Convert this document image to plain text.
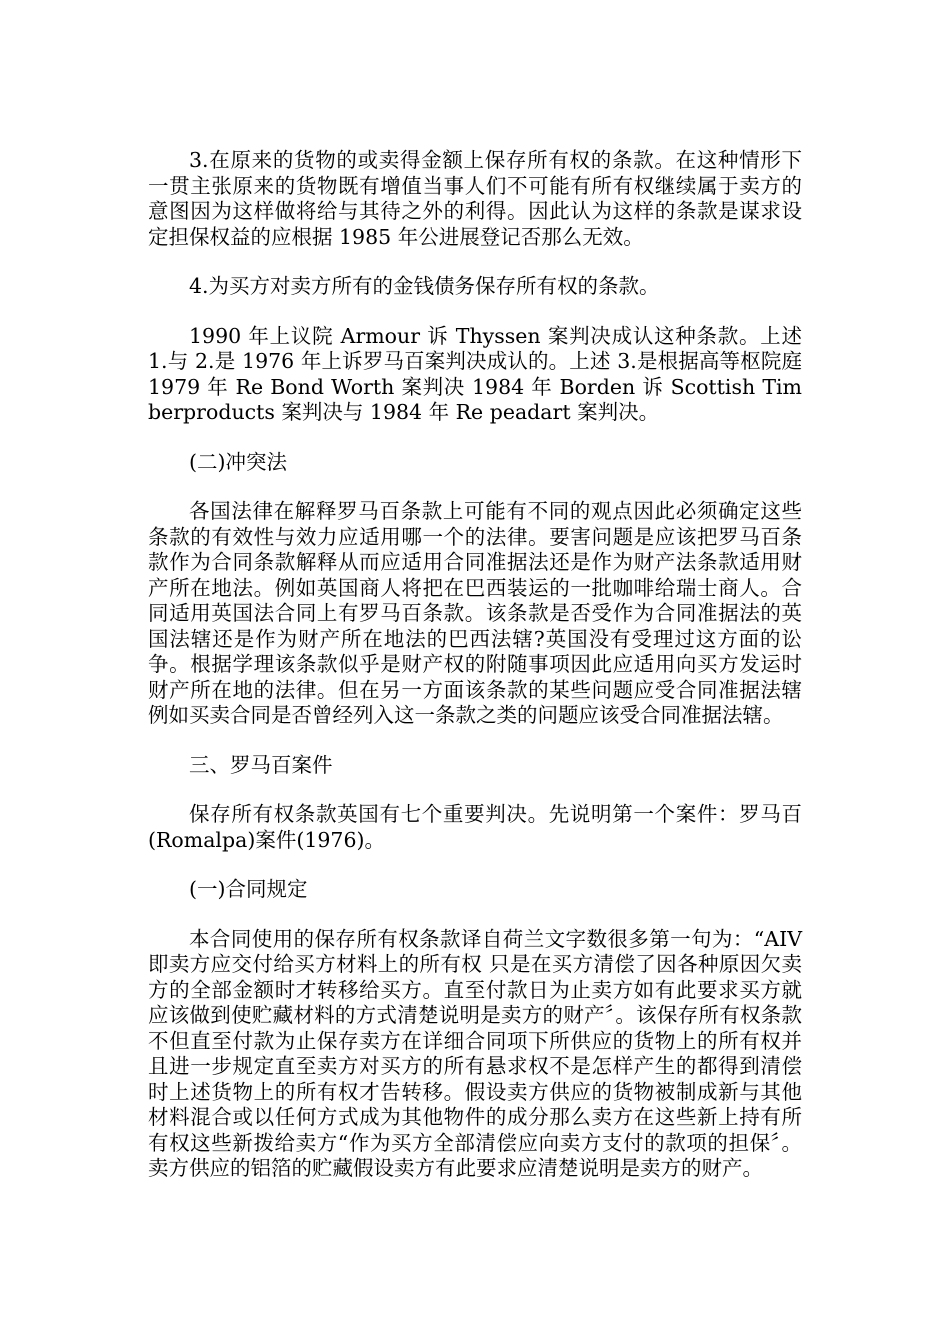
3.在原来的货物的或卖得金额上保存所有权的条款。在这种情形下一贯主张原来的货物既有增值当事人们不可能有所有权继续属于卖方的意图因为这样做将给与其待之外的利得。因此认为这样的条款是谋求设定担保权益的应根据 1985 年公进展登记否那么无效。

4.为买方对卖方所有的金钱债务保存所有权的条款。

1990 年上议院 Armour 诉 Thyssen 案判决成认这种条款。上述 1.与 2.是 1976 年上诉罗马百案判决成认的。上述 3.是根据高等枢院庭 1979 年 Re Bond Worth 案判决 1984 年 Borden 诉 Scottish Timberproducts 案判决与 1984 年 Re peadart 案判决。

(二)冲突法

各国法律在解释罗马百条款上可能有不同的观点因此必须确定这些条款的有效性与效力应适用哪一个的法律。要害问题是应该把罗马百条款作为合同条款解释从而应适用合同准据法还是作为财产法条款适用财产所在地法。例如英国商人将把在巴西装运的一批咖啡给瑞士商人。合同适用英国法合同上有罗马百条款。该条款是否受作为合同准据法的英国法辖还是作为财产所在地法的巴西法辖?英国没有受理过这方面的讼争。根据学理该条款似乎是财产权的附随事项因此应适用向买方发运时财产所在地的法律。但在另一方面该条款的某些问题应受合同准据法辖例如买卖合同是否曾经列入这一条款之类的问题应该受合同准据法辖。

三、罗马百案件

保存所有权条款英国有七个重要判决。先说明第一个案件：罗马百(Romalpa)案件(1976)。

(一)合同规定

本合同使用的保存所有权条款译自荷兰文字数很多第一句为：“AIV 即卖方应交付给买方材料上的所有权 只是在买方清偿了因各种原因欠卖方的全部金额时才转移给买方。直至付款日为止卖方如有此要求买方就应该做到使贮藏材料的方式清楚说明是卖方的财产〞。该保存所有权条款不但直至付款为止保存卖方在详细合同项下所供应的货物上的所有权并且进一步规定直至卖方对买方的所有悬求权不是怎样产生的都得到清偿时上述货物上的所有权才告转移。假设卖方供应的货物被制成新与其他材料混合或以任何方式成为其他物件的成分那么卖方在这些新上持有所有权这些新拨给卖方“作为买方全部清偿应向卖方支付的款项的担保〞。卖方供应的铝箔的贮藏假设卖方有此要求应清楚说明是卖方的财产。
